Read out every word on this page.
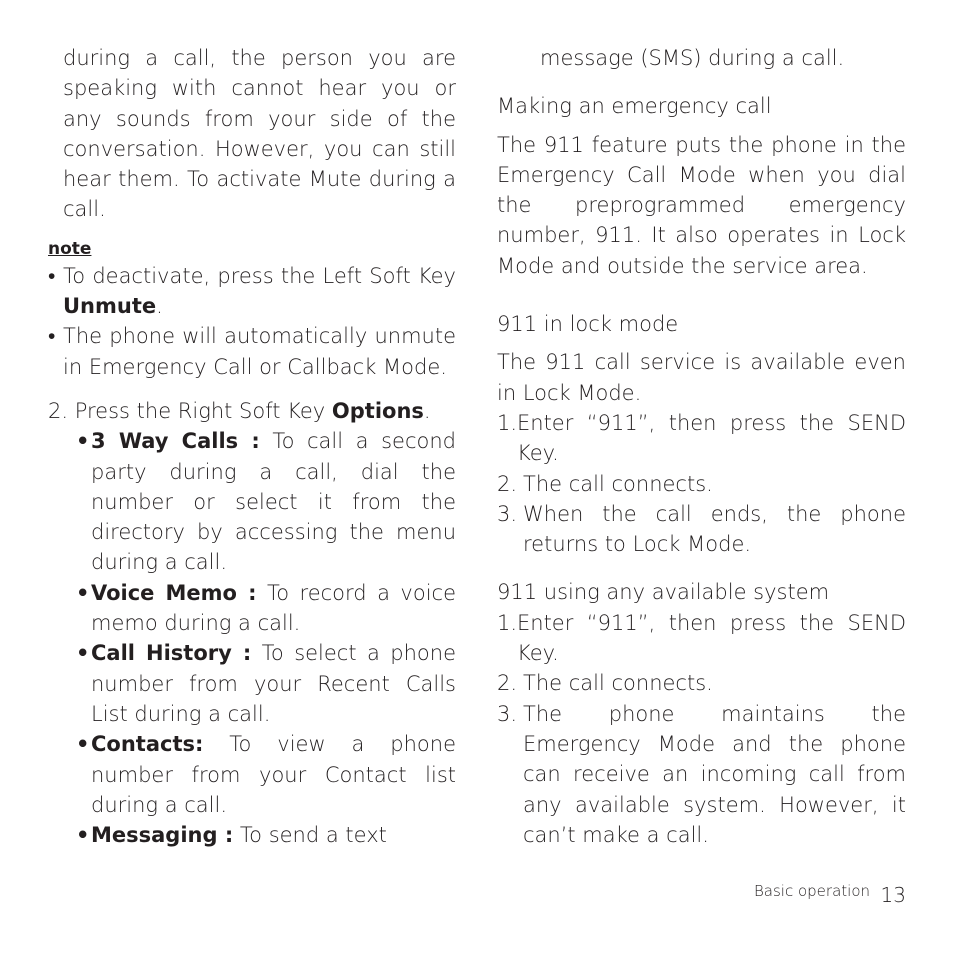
during a call, the person you are speaking with cannot hear you or any sounds from your side of the conversation. However, you can still hear them. To activate Mute during a call.

note
• To deactivate, press the Left Soft Key Unmute.
• The phone will automatically unmute in Emergency Call or Callback Mode.

2. Press the Right Soft Key Options.

• 3 Way Calls : To call a second party during a call, dial the number or select it from the directory by accessing the menu during a call.
• Voice Memo : To record a voice memo during a call.
• Call History : To select a phone number from your Recent Calls List during a call.
• Contacts: To view a phone number from your Contact list during a call.
• Messaging : To send a text

message (SMS) during a call.

Making an emergency call

The 911 feature puts the phone in the Emergency Call Mode when you dial the preprogrammed emergency number, 911. It also operates in Lock Mode and outside the service area.

911 in lock mode

The 911 call service is available even in Lock Mode.

1. Enter “911”, then press the SEND Key.
2. The call connects.
3. When the call ends, the phone returns to Lock Mode.

911 using any available system

1. Enter “911”, then press the SEND Key.
2. The call connects.
3. The phone maintains the Emergency Mode and the phone can receive an incoming call from any available system. However, it can’t make a call.
Basic operation 13
